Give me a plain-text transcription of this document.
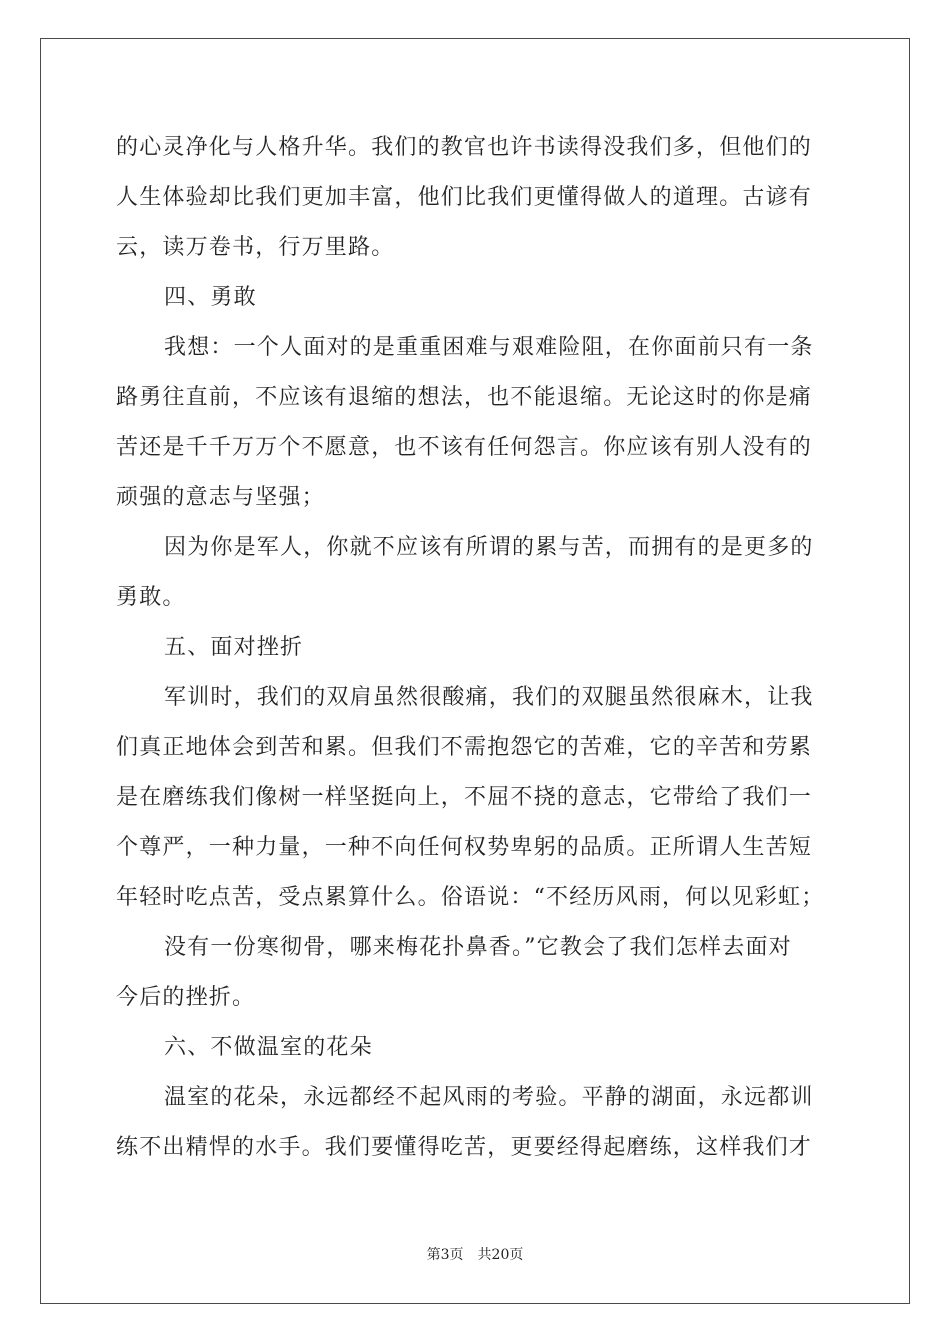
的心灵净化与人格升华。我们的教官也许书读得没我们多，但他们的
人生体验却比我们更加丰富，他们比我们更懂得做人的道理。古谚有
云，读万卷书，行万里路。
四、勇敢
我想：一个人面对的是重重困难与艰难险阻，在你面前只有一条
路勇往直前，不应该有退缩的想法，也不能退缩。无论这时的你是痛
苦还是千千万万个不愿意，也不该有任何怨言。你应该有别人没有的
顽强的意志与坚强；
因为你是军人，你就不应该有所谓的累与苦，而拥有的是更多的
勇敢。
五、面对挫折
军训时，我们的双肩虽然很酸痛，我们的双腿虽然很麻木，让我
们真正地体会到苦和累。但我们不需抱怨它的苦难，它的辛苦和劳累
是在磨练我们像树一样坚挺向上，不屈不挠的意志，它带给了我们一
个尊严，一种力量，一种不向任何权势卑躬的品质。正所谓人生苦短
年轻时吃点苦，受点累算什么。俗语说：“不经历风雨，何以见彩虹；
没有一份寒彻骨，哪来梅花扑鼻香。”它教会了我们怎样去面对
今后的挫折。
六、不做温室的花朵
温室的花朵，永远都经不起风雨的考验。平静的湖面，永远都训
练不出精悍的水手。我们要懂得吃苦，更要经得起磨练，这样我们才
第3页 共20页
